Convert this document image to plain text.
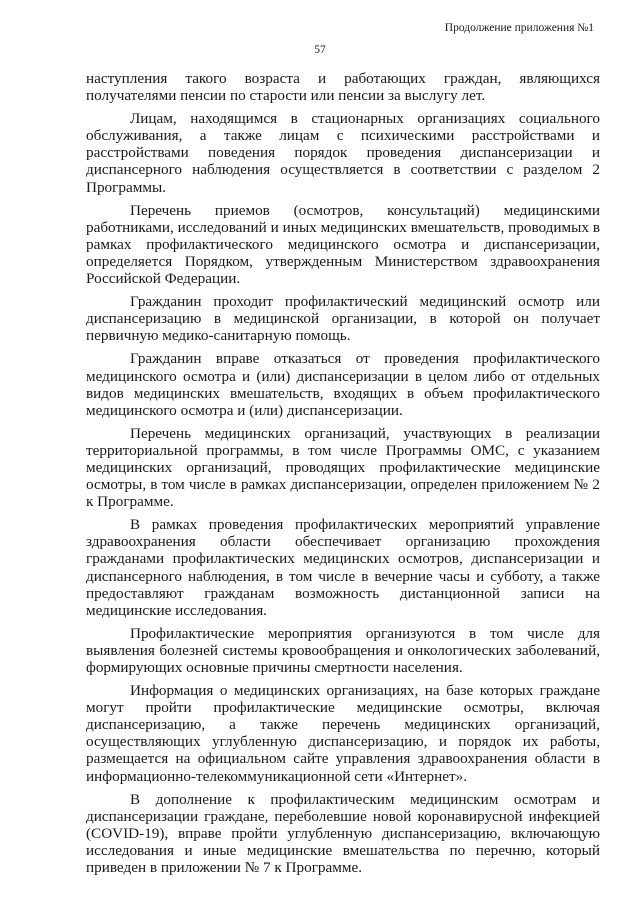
Продолжение приложения №1
57

наступления такого возраста и работающих граждан, являющихся получателями пенсии по старости или пенсии за выслугу лет.

Лицам, находящимся в стационарных организациях социального обслуживания, а также лицам с психическими расстройствами и расстройствами поведения порядок проведения диспансеризации и диспансерного наблюдения осуществляется в соответствии с разделом 2 Программы.

Перечень приемов (осмотров, консультаций) медицинскими работниками, исследований и иных медицинских вмешательств, проводимых в рамках профилактического медицинского осмотра и диспансеризации, определяется Порядком, утвержденным Министерством здравоохранения Российской Федерации.

Гражданин проходит профилактический медицинский осмотр или диспансеризацию в медицинской организации, в которой он получает первичную медико-санитарную помощь.

Гражданин вправе отказаться от проведения профилактического медицинского осмотра и (или) диспансеризации в целом либо от отдельных видов медицинских вмешательств, входящих в объем профилактического медицинского осмотра и (или) диспансеризации.

Перечень медицинских организаций, участвующих в реализации территориальной программы, в том числе Программы ОМС, с указанием медицинских организаций, проводящих профилактические медицинские осмотры, в том числе в рамках диспансеризации, определен приложением № 2 к Программе.

В рамках проведения профилактических мероприятий управление здравоохранения области обеспечивает организацию прохождения гражданами профилактических медицинских осмотров, диспансеризации и диспансерного наблюдения, в том числе в вечерние часы и субботу, а также предоставляют гражданам возможность дистанционной записи на медицинские исследования.

Профилактические мероприятия организуются в том числе для выявления болезней системы кровообращения и онкологических заболеваний, формирующих основные причины смертности населения.

Информация о медицинских организациях, на базе которых граждане могут пройти профилактические медицинские осмотры, включая диспансеризацию, а также перечень медицинских организаций, осуществляющих углубленную диспансеризацию, и порядок их работы, размещается на официальном сайте управления здравоохранения области в информационно-телекоммуникационной сети «Интернет».

В дополнение к профилактическим медицинским осмотрам и диспансеризации граждане, переболевшие новой коронавирусной инфекцией (COVID-19), вправе пройти углубленную диспансеризацию, включающую исследования и иные медицинские вмешательства по перечню, который приведен в приложении № 7 к Программе.
